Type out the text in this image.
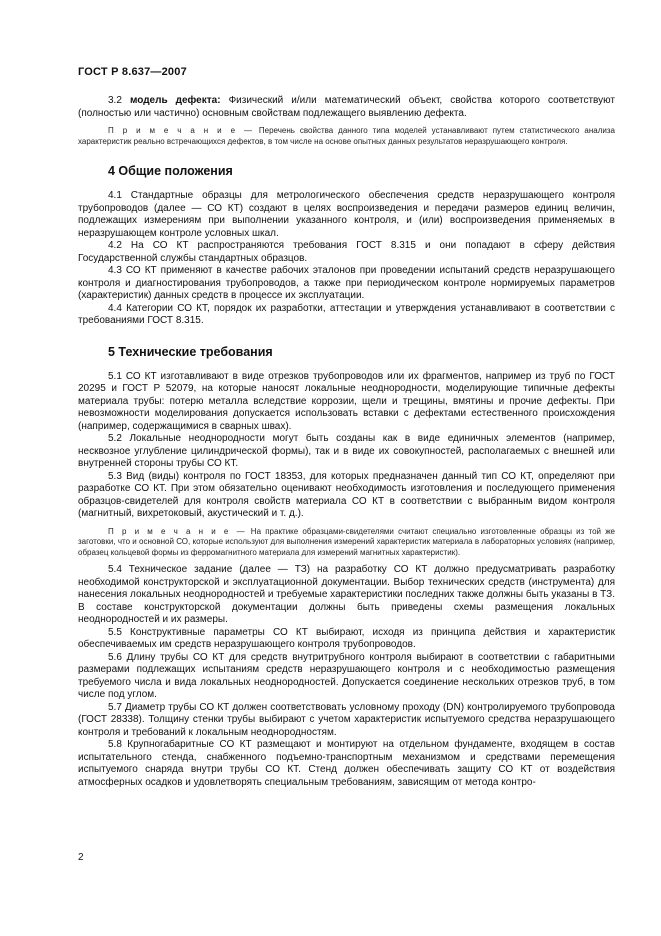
ГОСТ Р 8.637—2007

3.2 модель дефекта: Физический и/или математический объект, свойства которого соответствуют (полностью или частично) основным свойствам подлежащего выявлению дефекта.

П р и м е ч а н и е — Перечень свойства данного типа моделей устанавливают путем статистического анализа характеристик реально встречающихся дефектов, в том числе на основе опытных данных результатов неразрушающего контроля.

4 Общие положения

4.1 Стандартные образцы для метрологического обеспечения средств неразрушающего контроля трубопроводов (далее — СО КТ) создают в целях воспроизведения и передачи размеров единиц величин, подлежащих измерениям при выполнении указанного контроля, и (или) воспроизведения применяемых в неразрушающем контроле условных шкал.

4.2 На СО КТ распространяются требования ГОСТ 8.315 и они попадают в сферу действия Государственной службы стандартных образцов.

4.3 СО КТ применяют в качестве рабочих эталонов при проведении испытаний средств неразрушающего контроля и диагностирования трубопроводов, а также при периодическом контроле нормируемых параметров (характеристик) данных средств в процессе их эксплуатации.

4.4 Категории СО КТ, порядок их разработки, аттестации и утверждения устанавливают в соответствии с требованиями ГОСТ 8.315.

5 Технические требования

5.1 СО КТ изготавливают в виде отрезков трубопроводов или их фрагментов, например из труб по ГОСТ 20295 и ГОСТ Р 52079, на которые наносят локальные неоднородности, моделирующие типичные дефекты материала трубы: потерю металла вследствие коррозии, щели и трещины, вмятины и прочие дефекты. При невозможности моделирования допускается использовать вставки с дефектами естественного происхождения (например, содержащимися в сварных швах).

5.2 Локальные неоднородности могут быть созданы как в виде единичных элементов (например, несквозное углубление цилиндрической формы), так и в виде их совокупностей, располагаемых с внешней или внутренней стороны трубы СО КТ.

5.3 Вид (виды) контроля по ГОСТ 18353, для которых предназначен данный тип СО КТ, определяют при разработке СО КТ. При этом обязательно оценивают необходимость изготовления и последующего применения образцов-свидетелей для контроля свойств материала СО КТ в соответствии с выбранным видом контроля (магнитный, вихретоковый, акустический и т. д.).

П р и м е ч а н и е — На практике образцами-свидетелями считают специально изготовленные образцы из той же заготовки, что и основной СО, которые используют для выполнения измерений характеристик материала в лабораторных условиях (например, образец кольцевой формы из ферромагнитного материала для измерений магнитных характеристик).

5.4 Техническое задание (далее — ТЗ) на разработку СО КТ должно предусматривать разработку необходимой конструкторской и эксплуатационной документации. Выбор технических средств (инструмента) для нанесения локальных неоднородностей и требуемые характеристики последних также должны быть указаны в ТЗ. В составе конструкторской документации должны быть приведены схемы размещения локальных неоднородностей и их размеры.

5.5 Конструктивные параметры СО КТ выбирают, исходя из принципа действия и характеристик обеспечиваемых им средств неразрушающего контроля трубопроводов.

5.6 Длину трубы СО КТ для средств внутритрубного контроля выбирают в соответствии с габаритными размерами подлежащих испытаниям средств неразрушающего контроля и с необходимостью размещения требуемого числа и вида локальных неоднородностей. Допускается соединение нескольких отрезков труб, в том числе под углом.

5.7 Диаметр трубы СО КТ должен соответствовать условному проходу (DN) контролируемого трубопровода (ГОСТ 28338). Толщину стенки трубы выбирают с учетом характеристик испытуемого средства неразрушающего контроля и требований к локальным неоднородностям.

5.8 Крупногабаритные СО КТ размещают и монтируют на отдельном фундаменте, входящем в состав испытательного стенда, снабженного подъемно-транспортным механизмом и средствами перемещения испытуемого снаряда внутри трубы СО КТ. Стенд должен обеспечивать защиту СО КТ от воздействия атмосферных осадков и удовлетворять специальным требованиям, зависящим от метода контро-

2
